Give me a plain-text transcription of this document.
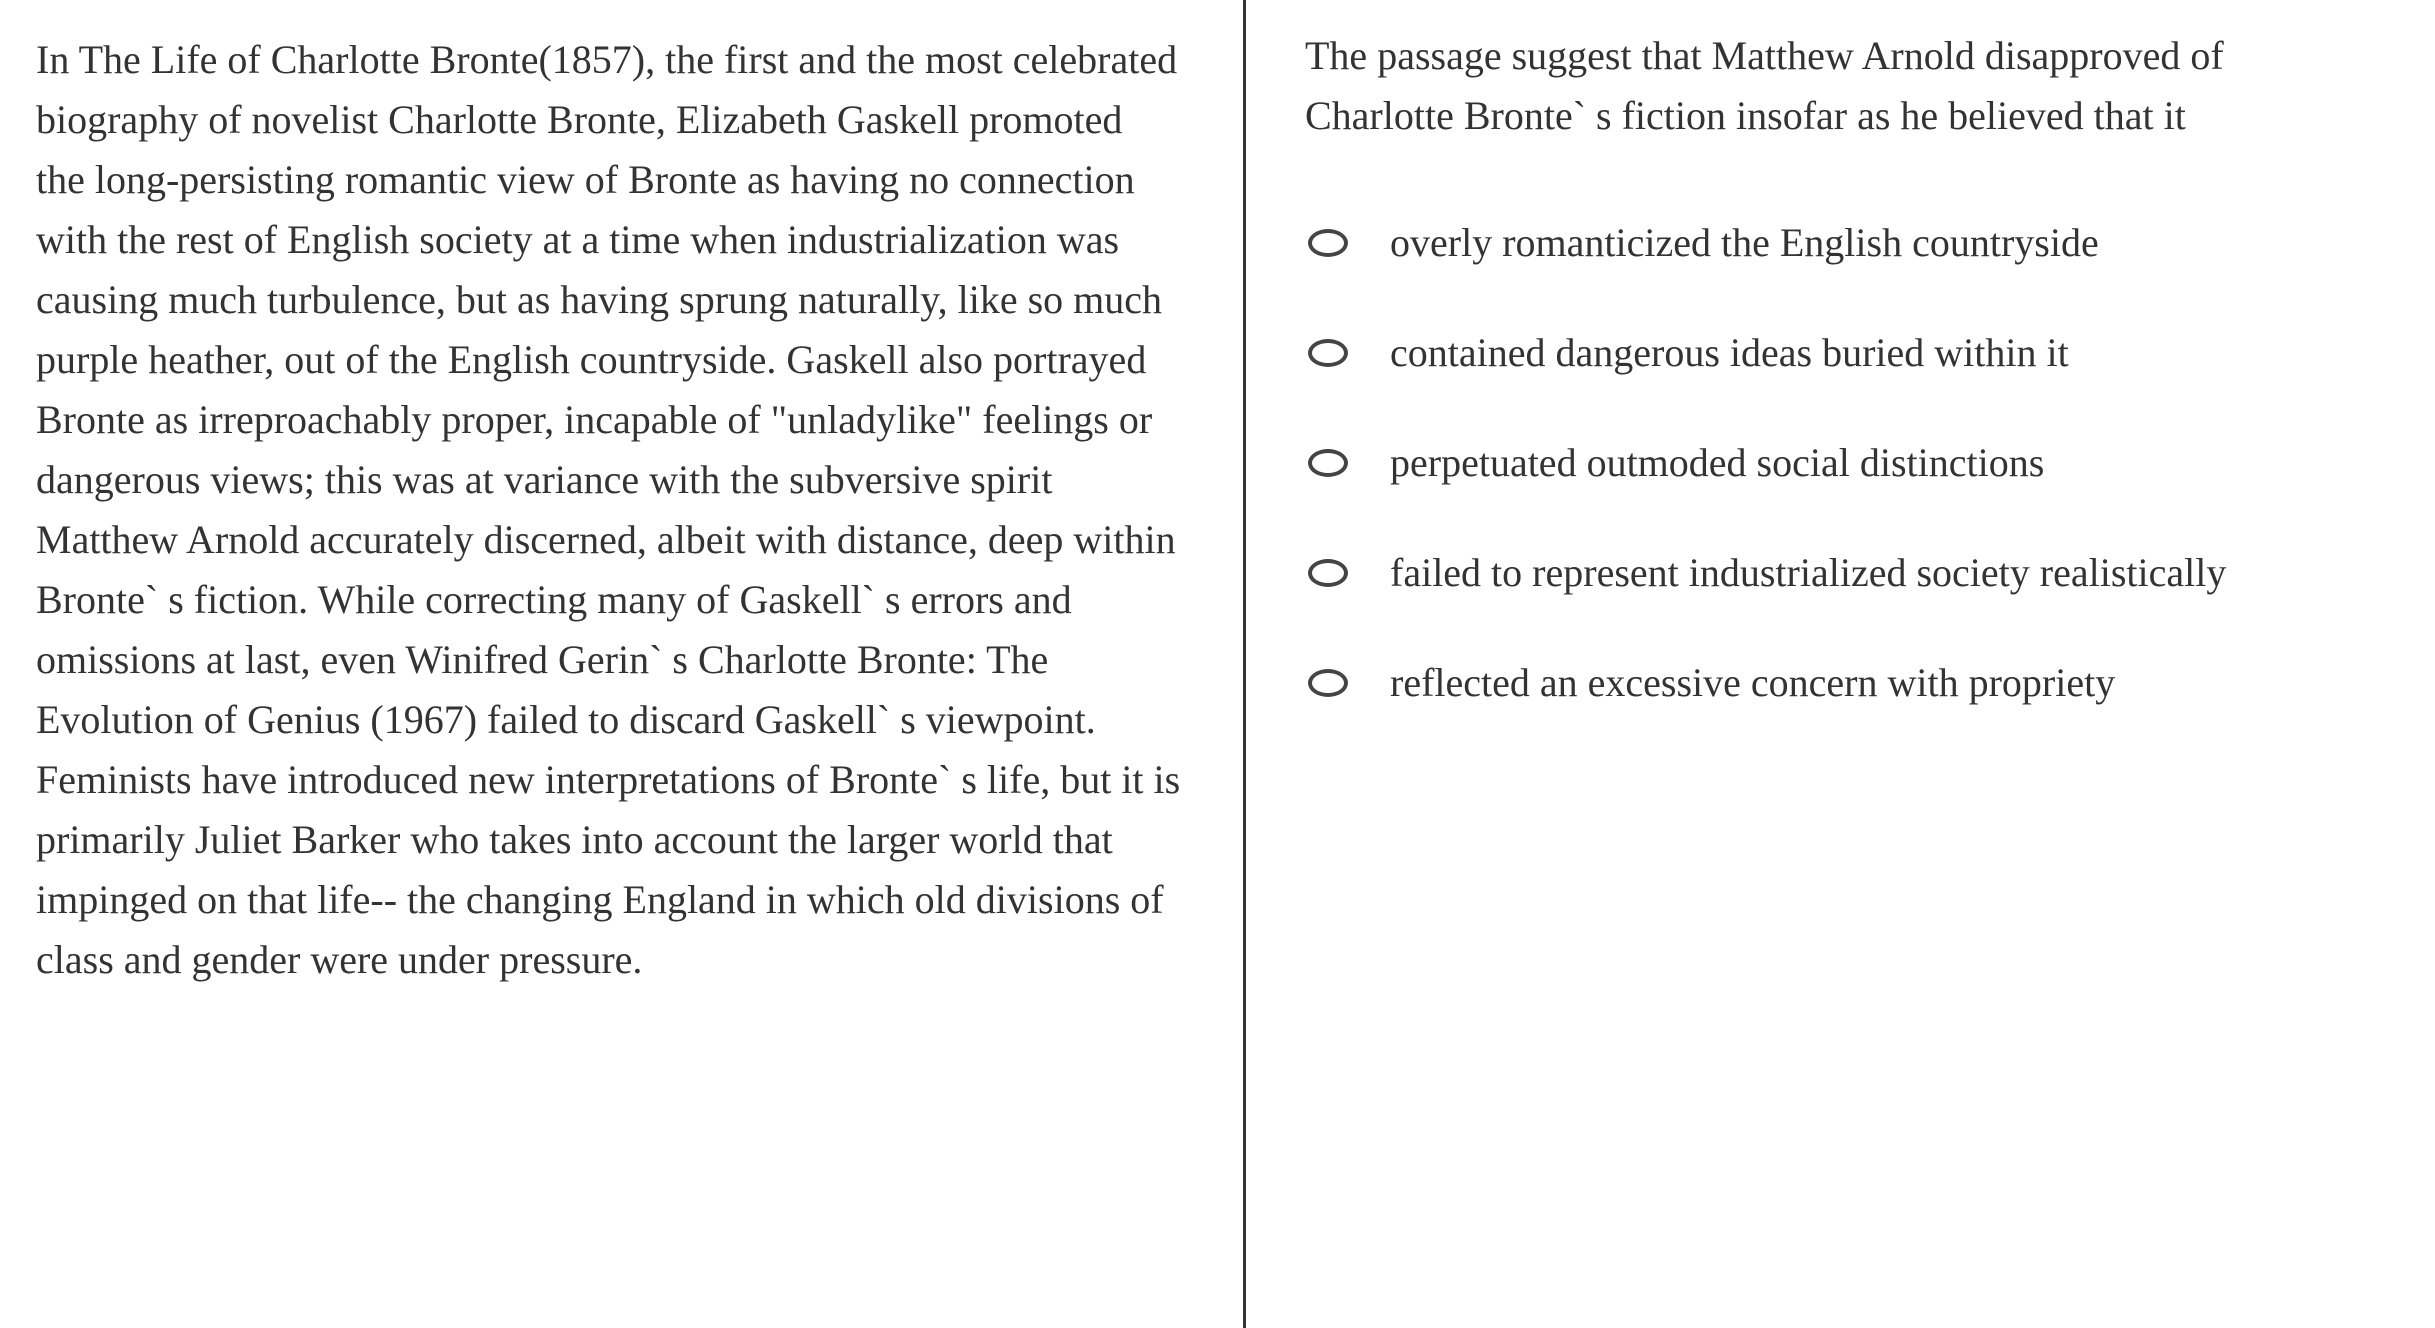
In The Life of Charlotte Bronte(1857), the first and the most celebrated biography of novelist Charlotte Bronte, Elizabeth Gaskell promoted the long-persisting romantic view of Bronte as having no connection with the rest of English society at a time when industrialization was causing much turbulence, but as having sprung naturally, like so much purple heather, out of the English countryside. Gaskell also portrayed Bronte as irreproachably proper, incapable of "unladylike" feelings or dangerous views; this was at variance with the subversive spirit Matthew Arnold accurately discerned, albeit with distance, deep within Bronte` s fiction. While correcting many of Gaskell` s errors and omissions at last, even Winifred Gerin` s Charlotte Bronte: The Evolution of Genius (1967) failed to discard Gaskell` s viewpoint. Feminists have introduced new interpretations of Bronte` s life, but it is primarily Juliet Barker who takes into account the larger world that impinged on that life-- the changing England in which old divisions of class and gender were under pressure.

The passage suggest that Matthew Arnold disapproved of Charlotte Bronte` s fiction insofar as he believed that it

overly romanticized the English countryside
contained dangerous ideas buried within it
perpetuated outmoded social distinctions
failed to represent industrialized society realistically
reflected an excessive concern with propriety
